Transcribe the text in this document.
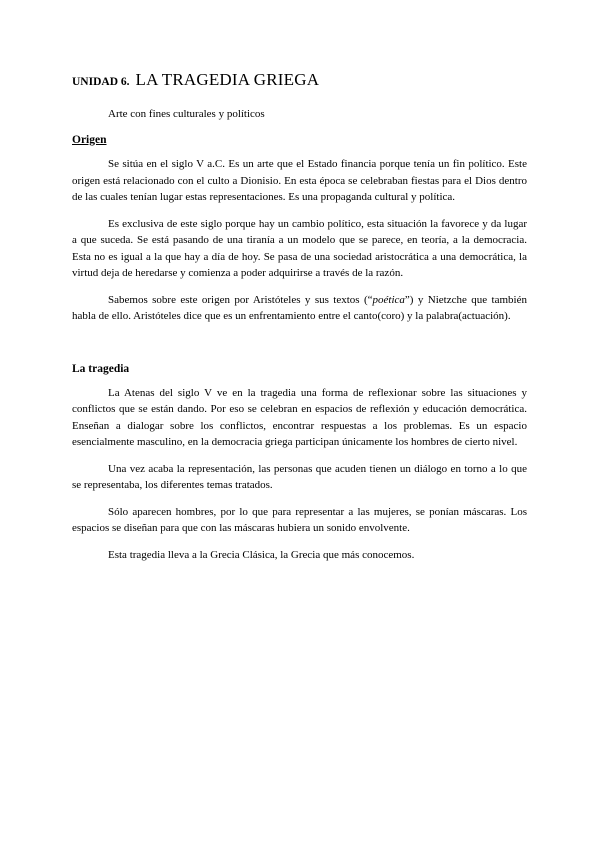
UNIDAD 6. LA TRAGEDIA GRIEGA
Arte con fines culturales y políticos
Origen

Se sitúa en el siglo V a.C. Es un arte que el Estado financia porque tenía un fin político. Este origen está relacionado con el culto a Dionisio. En esta época se celebraban fiestas para el Dios dentro de las cuales tenían lugar estas representaciones. Es una propaganda cultural y política.

Es exclusiva de este siglo porque hay un cambio político, esta situación la favorece y da lugar a que suceda. Se está pasando de una tiranía a un modelo que se parece, en teoría, a la democracia. Esta no es igual a la que hay a día de hoy. Se pasa de una sociedad aristocrática a una democrática, la virtud deja de heredarse y comienza a poder adquirirse a través de la razón.

Sabemos sobre este origen por Aristóteles y sus textos (“poética”) y Nietzche que también habla de ello. Aristóteles dice que es un enfrentamiento entre el canto(coro) y la palabra(actuación).

La tragedia

La Atenas del siglo V ve en la tragedia una forma de reflexionar sobre las situaciones y conflictos que se están dando. Por eso se celebran en espacios de reflexión y educación democrática. Enseñan a dialogar sobre los conflictos, encontrar respuestas a los problemas. Es un espacio esencialmente masculino, en la democracia griega participan únicamente los hombres de cierto nivel.

Una vez acaba la representación, las personas que acuden tienen un diálogo en torno a lo que se representaba, los diferentes temas tratados.

Sólo aparecen hombres, por lo que para representar a las mujeres, se ponían máscaras. Los espacios se diseñan para que con las máscaras hubiera un sonido envolvente.

Esta tragedia lleva a la Grecia Clásica, la Grecia que más conocemos.
